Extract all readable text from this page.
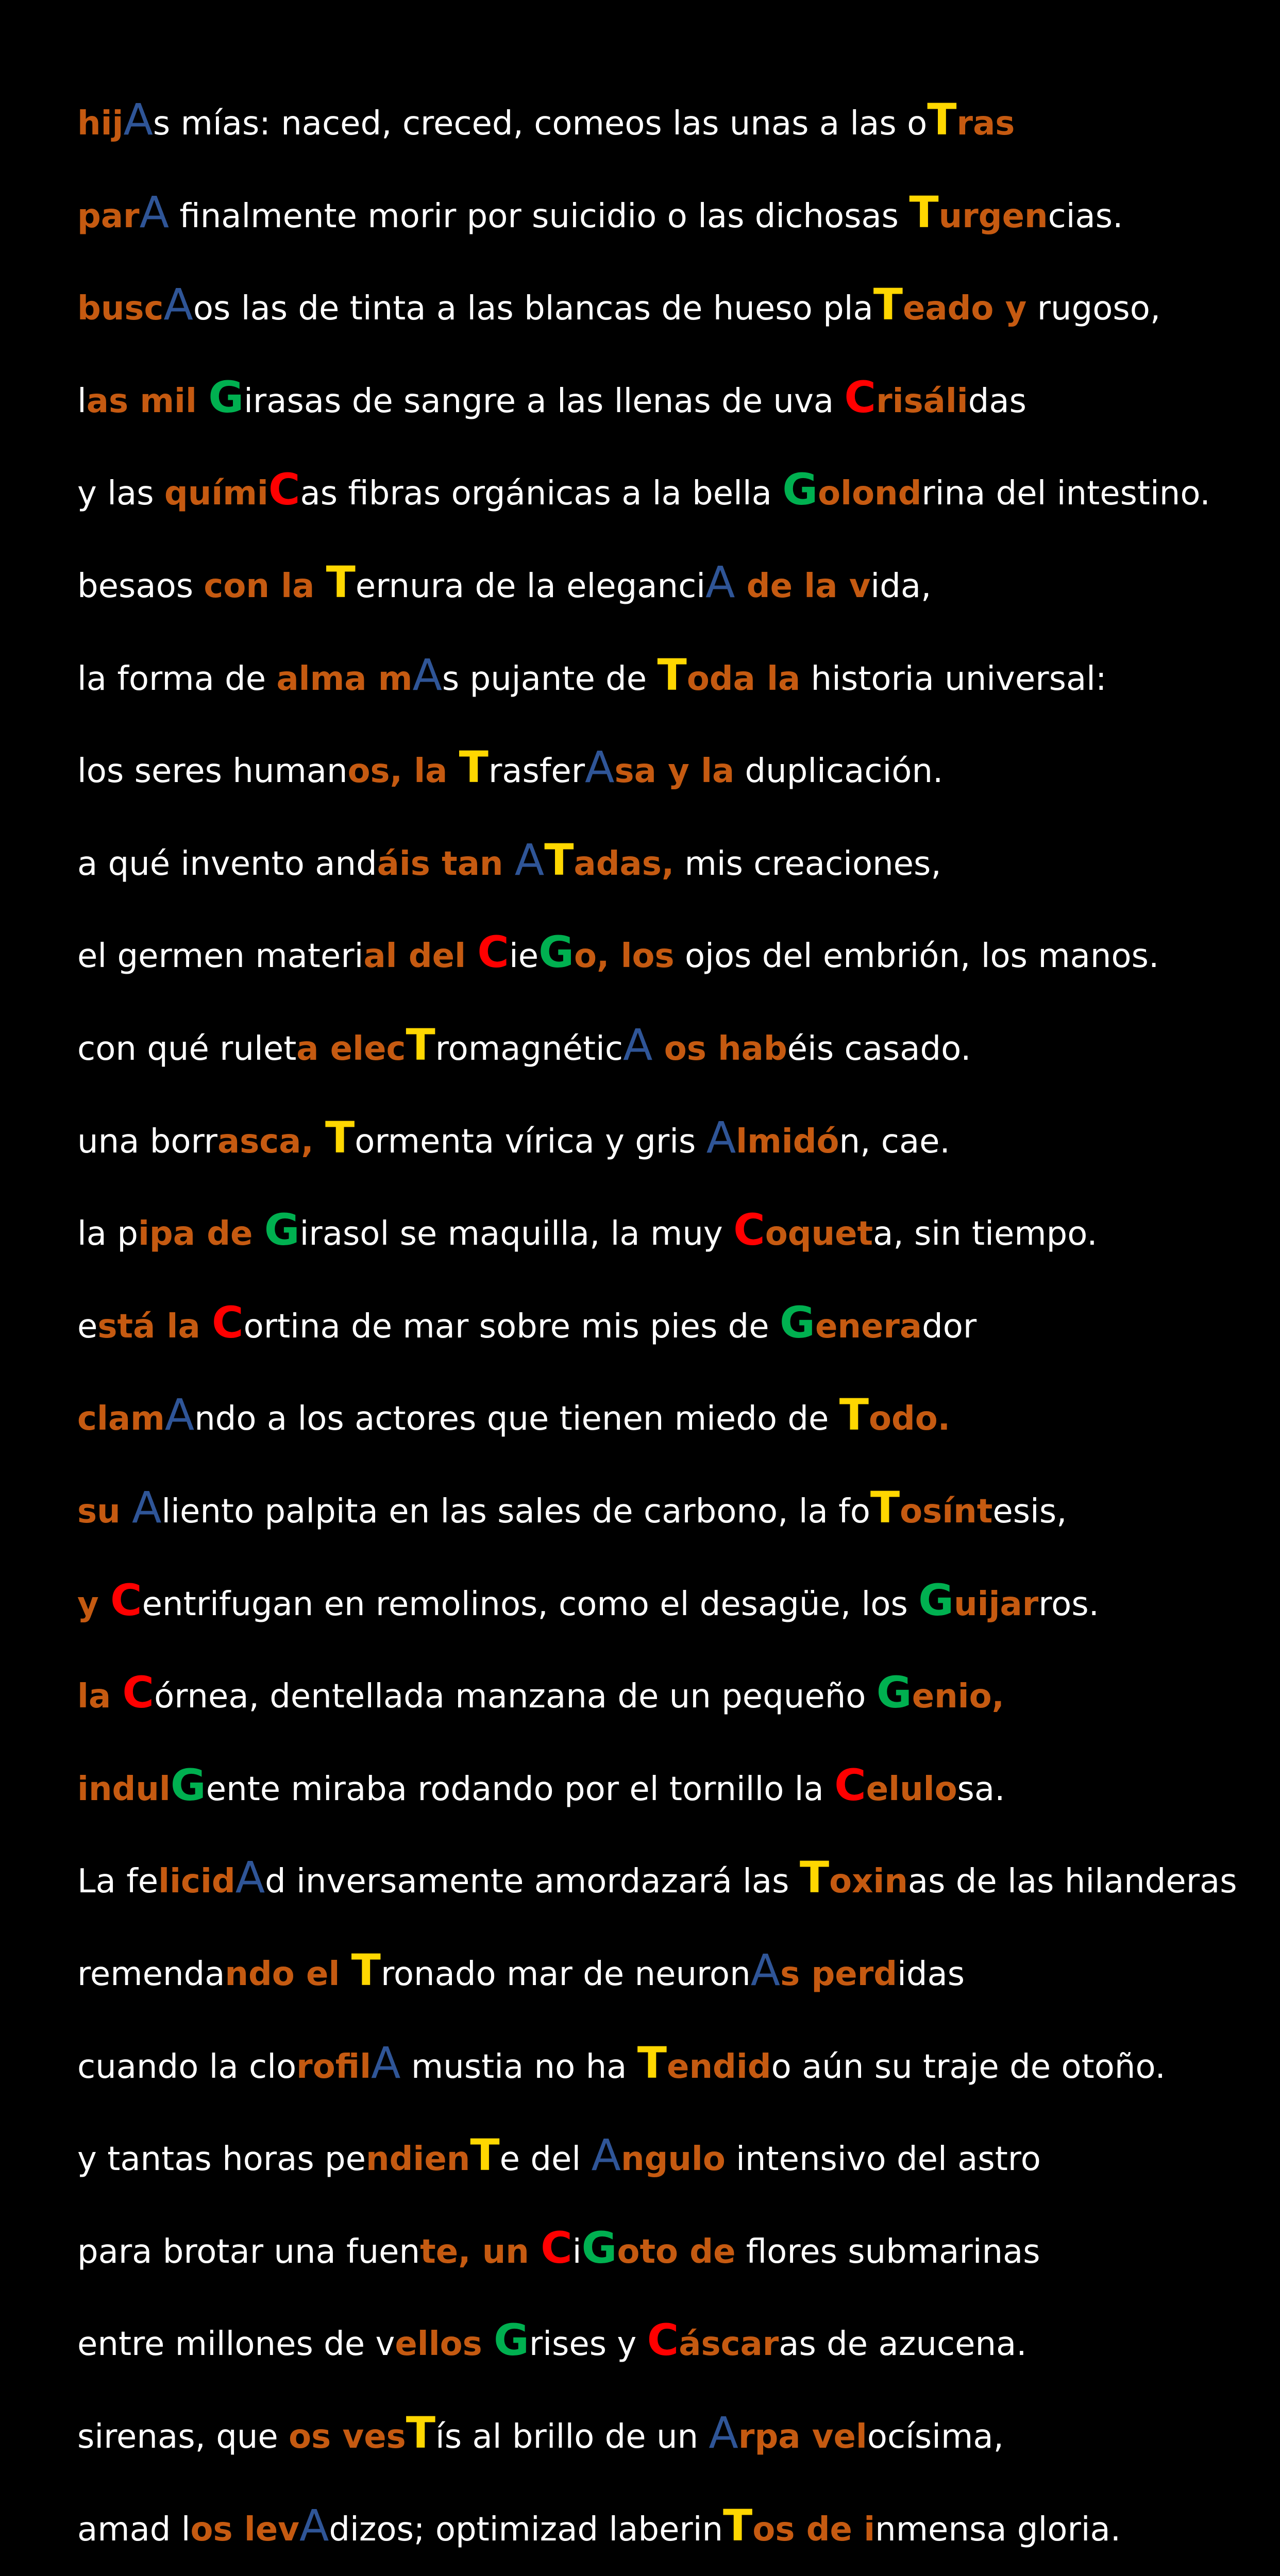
hijAs mías: naced, creced, comeos las unas a las oTras
parA finalmente morir por suicidio o las dichosas Turgencias.
buscAos las de tinta a las blancas de hueso plaTeado y rugoso,
las mil Girasas de sangre a las llenas de uva Crisálidas
y las químiCas fibras orgánicas a la bella Golondrina del intestino.
besaos con la Ternura de la eleganciA de la vida,
la forma de alma mAs pujante de Toda la historia universal:
los seres humanos, la TrasferAsa y la duplicación.
a qué invento andáis tan ATadas, mis creaciones,
el germen material del CieGo, los ojos del embrión, los manos.
con qué ruleta elecTromagnéticA os habéis casado.
una borrasca, Tormenta vírica y gris Almidón, cae.
la pipa de Girasol se maquilla, la muy Coqueta, sin tiempo.
está la Cortina de mar sobre mis pies de Generador
clamAndo a los actores que tienen miedo de Todo.
su Aliento palpita en las sales de carbono, la foTosíntesis,
y Centrifugan en remolinos, como el desagüe, los Guijarros.
la Córnea, dentellada manzana de un pequeño Genio,
indulGente miraba rodando por el tornillo la Celulosa.
La felicidAd inversamente amordazará las Toxinas de las hilanderas
remendando el Tronado mar de neuronAs perdidas
cuando la clorofilA mustia no ha Tendido aún su traje de otoño.
y tantas horas pendienTe del Angulo intensivo del astro
para brotar una fuente, un CiGoto de flores submarinas
entre millones de vellos Grises y Cáscaras de azucena.
sirenas, que os vesTís al brillo de un Arpa velocísima,
amad los levAdizos; optimizad laberinTos de inmensa gloria.
